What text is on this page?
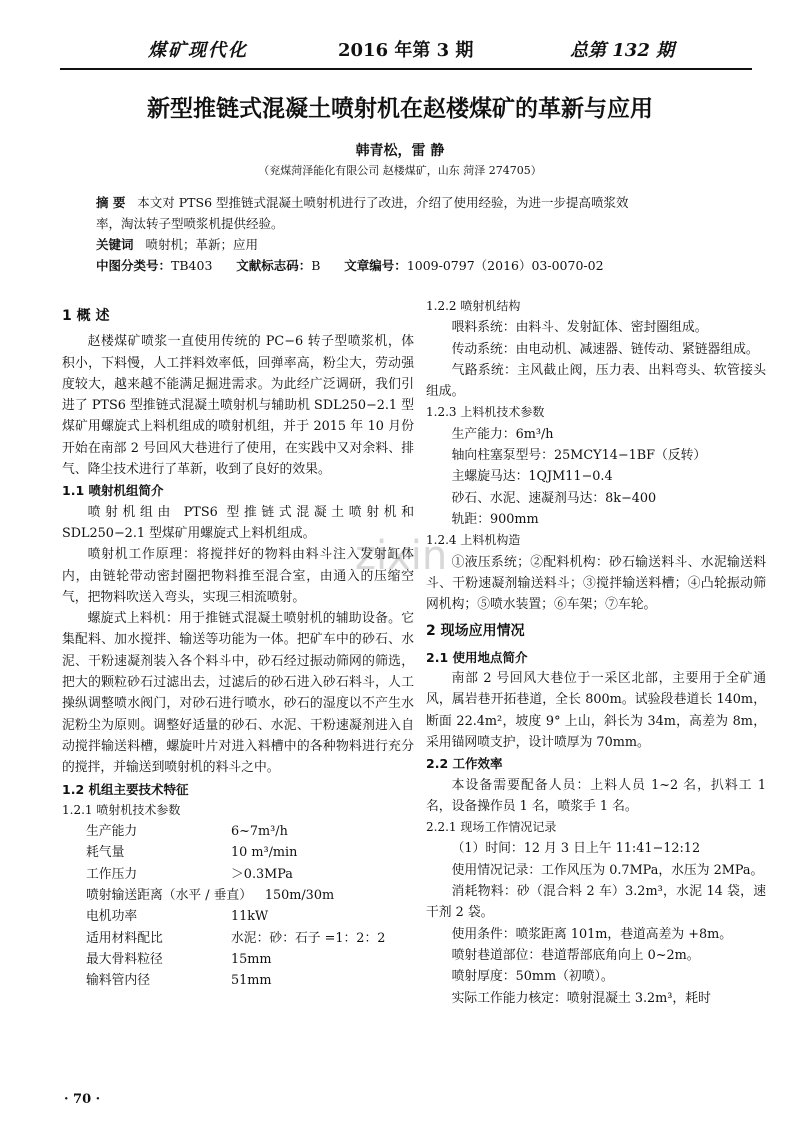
煤矿现代化	2016 年第 3 期	总第 132 期
新型推链式混凝土喷射机在赵楼煤矿的革新与应用
韩青松，雷 静
（兖煤菏泽能化有限公司 赵楼煤矿，山东 菏泽 274705）
摘 要 本文对 PTS6 型推链式混凝土喷射机进行了改进，介绍了使用经验，为进一步提高喷浆效
率，淘汰转子型喷浆机提供经验。
关键词 喷射机；革新；应用
中图分类号：TB403 文献标志码：B 文章编号：1009-0797（2016）03-0070-02
zixin
1 概 述

赵楼煤矿喷浆一直使用传统的 PC−6 转子型喷浆机，体积小，下料慢，人工拌料效率低，回弹率高，粉尘大，劳动强度较大，越来越不能满足掘进需求。为此经广泛调研，我们引进了 PTS6 型推链式混凝土喷射机与辅助机 SDL250−2.1 型煤矿用螺旋式上料机组成的喷射机组，并于 2015 年 10 月份开始在南部 2 号回风大巷进行了使用，在实践中又对余料、排气、降尘技术进行了革新，收到了良好的效果。

1.1 喷射机组简介

喷射机组由 PTS6 型推链式混凝土喷射机和 SDL250−2.1 型煤矿用螺旋式上料机组成。

喷射机工作原理：将搅拌好的物料由料斗注入发射缸体内，由链轮带动密封圈把物料推至混合室，由通入的压缩空气，把物料吹送入弯头，实现三相流喷射。

螺旋式上料机：用于推链式混凝土喷射机的辅助设备。它集配料、加水搅拌、输送等功能为一体。把矿车中的砂石、水泥、干粉速凝剂装入各个料斗中，砂石经过振动筛网的筛选，把大的颗粒砂石过滤出去，过滤后的砂石进入砂石料斗，人工操纵调整喷水阀门，对砂石进行喷水，砂石的湿度以不产生水泥粉尘为原则。调整好适量的砂石、水泥、干粉速凝剂进入自动搅拌输送料槽，螺旋叶片对进入料槽中的各种物料进行充分的搅拌，并输送到喷射机的料斗之中。

1.2 机组主要技术特征
1.2.1 喷射机技术参数
生产能力	6~7m³/h
耗气量	10 m³/min
工作压力	＞0.3MPa
喷射输送距离（水平 / 垂直） 150m/30m
电机功率	11kW
适用材料配比	水泥：砂：石子 =1：2：2
最大骨料粒径	15mm
输料管内径	51mm
1.2.2 喷射机结构

喂料系统：由料斗、发射缸体、密封圈组成。

传动系统：由电动机、减速器、链传动、紧链器组成。

气路系统：主风截止阀，压力表、出料弯头、软管接头组成。

1.2.3 上料机技术参数

生产能力：6m³/h

轴向柱塞泵型号：25MCY14−1BF（反转）

主螺旋马达：1QJM11−0.4

砂石、水泥、速凝剂马达：8k−400

轨距：900mm

1.2.4 上料机构造

①液压系统；②配料机构：砂石输送料斗、水泥输送料斗、干粉速凝剂输送料斗；③搅拌输送料槽；④凸轮振动筛网机构；⑤喷水装置；⑥车架；⑦车轮。

2 现场应用情况
2.1 使用地点简介

南部 2 号回风大巷位于一采区北部，主要用于全矿通风，属岩巷开拓巷道，全长 800m。试验段巷道长 140m，断面 22.4m²，坡度 9° 上山，斜长为 34m，高差为 8m，采用锚网喷支护，设计喷厚为 70mm。

2.2 工作效率

本设备需要配备人员：上料人员 1~2 名，扒料工 1 名，设备操作员 1 名，喷浆手 1 名。

2.2.1 现场工作情况记录

（1）时间：12 月 3 日上午 11:41−12:12

使用情况记录：工作风压为 0.7MPa，水压为 2MPa。

消耗物料：砂（混合料 2 车）3.2m³，水泥 14 袋，速干剂 2 袋。

使用条件：喷浆距离 101m，巷道高差为 +8m。

喷射巷道部位：巷道帮部底角向上 0~2m。

喷射厚度：50mm（初喷）。

实际工作能力核定：喷射混凝土 3.2m³，耗时

· 70 ·
